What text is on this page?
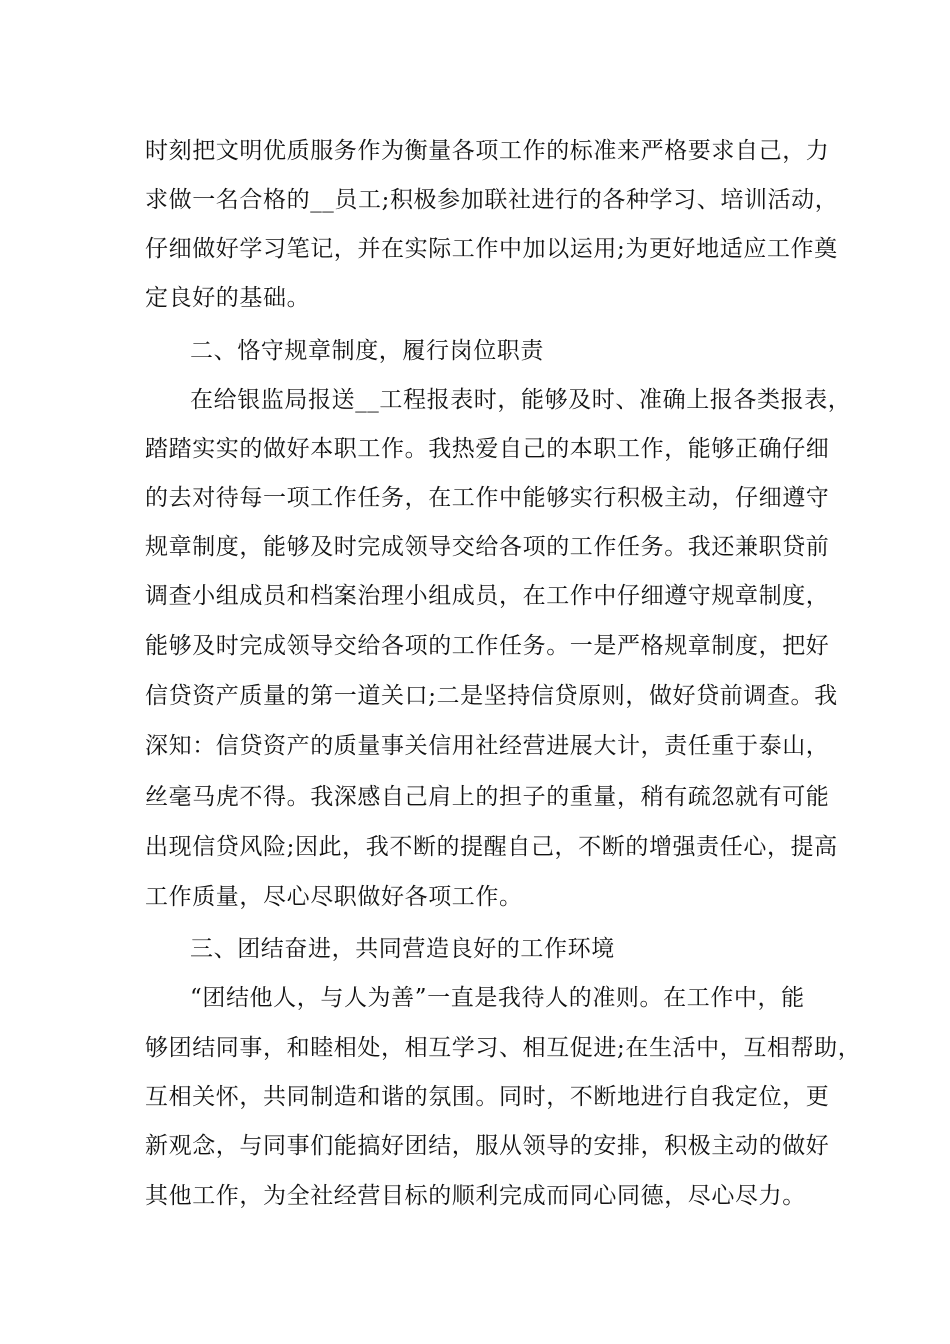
时刻把文明优质服务作为衡量各项工作的标准来严格要求自己，力

求做一名合格的__员工;积极参加联社进行的各种学习、培训活动，

仔细做好学习笔记，并在实际工作中加以运用;为更好地适应工作奠

定良好的基础。

二、恪守规章制度，履行岗位职责

在给银监局报送__工程报表时，能够及时、准确上报各类报表，

踏踏实实的做好本职工作。我热爱自己的本职工作，能够正确仔细

的去对待每一项工作任务，在工作中能够实行积极主动，仔细遵守

规章制度，能够及时完成领导交给各项的工作任务。我还兼职贷前

调查小组成员和档案治理小组成员，在工作中仔细遵守规章制度，

能够及时完成领导交给各项的工作任务。一是严格规章制度，把好

信贷资产质量的第一道关口;二是坚持信贷原则，做好贷前调查。我

深知：信贷资产的质量事关信用社经营进展大计，责任重于泰山，

丝毫马虎不得。我深感自己肩上的担子的重量，稍有疏忽就有可能

出现信贷风险;因此，我不断的提醒自己，不断的增强责任心，提高

工作质量，尽心尽职做好各项工作。

三、团结奋进，共同营造良好的工作环境

“团结他人，与人为善”一直是我待人的准则。在工作中，能

够团结同事，和睦相处，相互学习、相互促进;在生活中，互相帮助，

互相关怀，共同制造和谐的氛围。同时，不断地进行自我定位，更

新观念，与同事们能搞好团结，服从领导的安排，积极主动的做好

其他工作，为全社经营目标的顺利完成而同心同德，尽心尽力。
